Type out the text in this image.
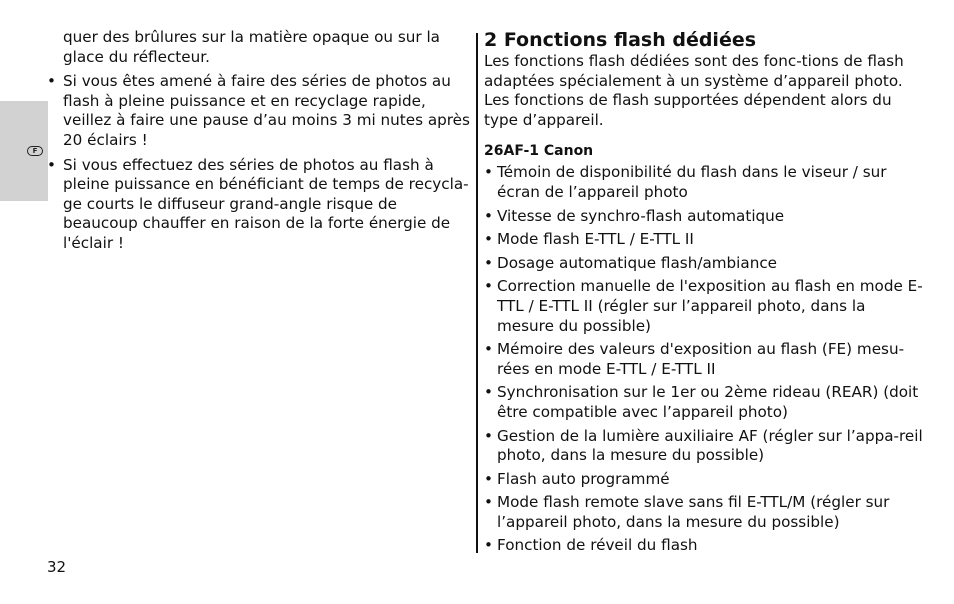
F

quer des brûlures sur la matière opaque ou sur la glace du réflecteur.

• Si vous êtes amené à faire des séries de photos au flash à pleine puissance et en recyclage rapide, veillez à faire une pause d’au moins 3 mi nutes après 20 éclairs !
• Si vous effectuez des séries de photos au flash à pleine puissance en bénéficiant de temps de recycla-ge courts le diffuseur grand-angle risque de beaucoup chauffer en raison de la forte énergie de l'éclair !
2 Fonctions flash dédiées

Les fonctions flash dédiées sont des fonc-tions de flash adaptées spécialement à un système d’appareil photo. Les fonctions de flash supportées dépendent alors du type d’appareil.

26AF-1 Canon
• Témoin de disponibilité du flash dans le viseur / sur écran de l’appareil photo
• Vitesse de synchro-flash automatique
• Mode flash E-TTL / E-TTL II
• Dosage automatique flash/ambiance
• Correction manuelle de l'exposition au flash en mode E-TTL / E-TTL II (régler sur l’appareil photo, dans la mesure du possible)
• Mémoire des valeurs d'exposition au flash (FE) mesu-rées en mode E-TTL / E-TTL II
• Synchronisation sur le 1er ou 2ème rideau (REAR) (doit être compatible avec l’appareil photo)
• Gestion de la lumière auxiliaire AF (régler sur l’appa-reil photo, dans la mesure du possible)
• Flash auto programmé
• Mode flash remote slave sans fil E-TTL/M (régler sur l’appareil photo, dans la mesure du possible)
• Fonction de réveil du flash
32
